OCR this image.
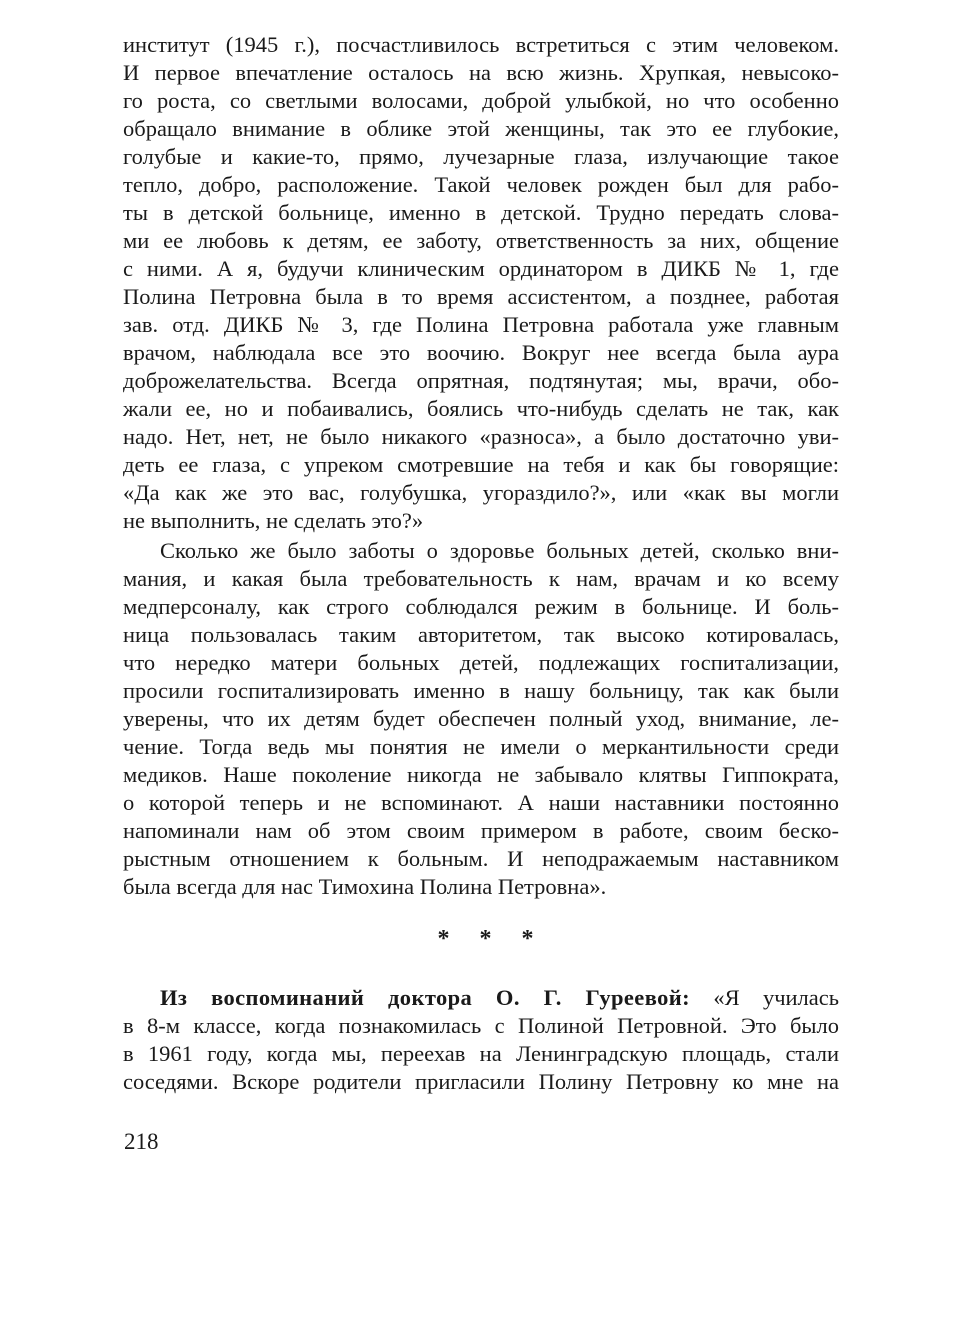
институт (1945 г.), посчастливилось встретиться с этим человеком.
И первое впечатление осталось на всю жизнь. Хрупкая, невысоко-
го роста, со светлыми волосами, доброй улыбкой, но что особенно
обращало внимание в облике этой женщины, так это ее глубокие,
голубые и какие-то, прямо, лучезарные глаза, излучающие такое
тепло, добро, расположение. Такой человек рожден был для рабо-
ты в детской больнице, именно в детской. Трудно передать слова-
ми ее любовь к детям, ее заботу, ответственность за них, общение
с ними. А я, будучи клиническим ординатором в ДИКБ № 1, где
Полина Петровна была в то время ассистентом, а позднее, работая
зав. отд. ДИКБ № 3, где Полина Петровна работала уже главным
врачом, наблюдала все это воочию. Вокруг нее всегда была аура
доброжелательства. Всегда опрятная, подтянутая; мы, врачи, обо-
жали ее, но и побаивались, боялись что-нибудь сделать не так, как
надо. Нет, нет, не было никакого «разноса», а было достаточно уви-
деть ее глаза, с упреком смотревшие на тебя и как бы говорящие:
«Да как же это вас, голубушка, угораздило?», или «как вы могли
не выполнить, не сделать это?»
Сколько же было заботы о здоровье больных детей, сколько вни-
мания, и какая была требовательность к нам, врачам и ко всему
медперсоналу, как строго соблюдался режим в больнице. И боль-
ница пользовалась таким авторитетом, так высоко котировалась,
что нередко матери больных детей, подлежащих госпитализации,
просили госпитализировать именно в нашу больницу, так как были
уверены, что их детям будет обеспечен полный уход, внимание, ле-
чение. Тогда ведь мы понятия не имели о меркантильности среди
медиков. Наше поколение никогда не забывало клятвы Гиппократа,
о которой теперь и не вспоминают. А наши наставники постоянно
напоминали нам об этом своим примером в работе, своим беско-
рыстным отношением к больным. И неподражаемым наставником
была всегда для нас Тимохина Полина Петровна».
* * *
Из воспоминаний доктора О. Г. Гуреевой: «Я училась
в 8-м классе, когда познакомилась с Полиной Петровной. Это было
в 1961 году, когда мы, переехав на Ленинградскую площадь, стали
соседями. Вскоре родители пригласили Полину Петровну ко мне на
218
